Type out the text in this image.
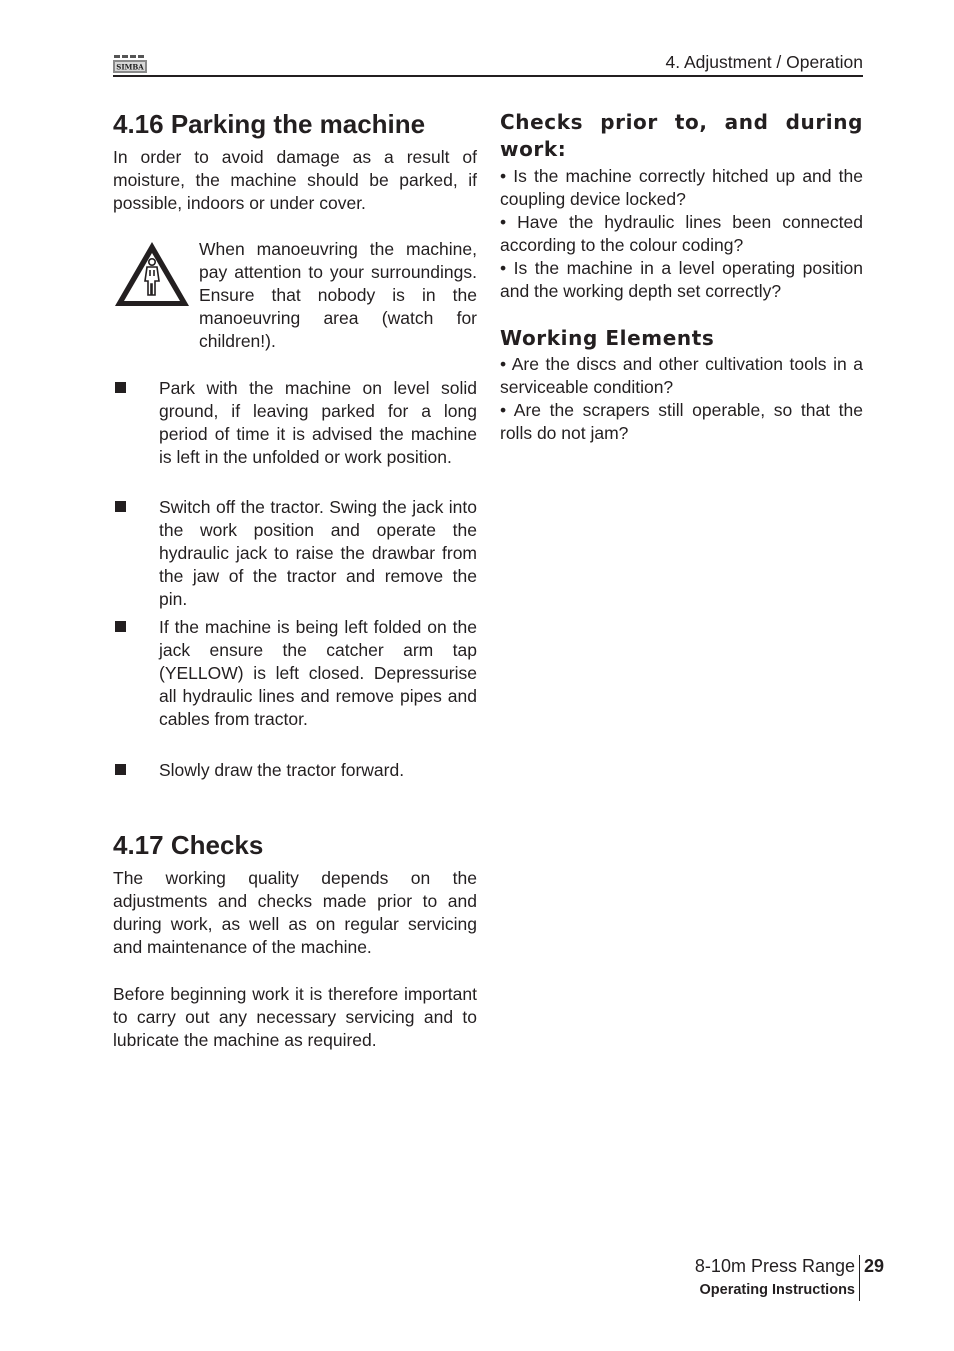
SIMBA	4. Adjustment / Operation
4.16 Parking the machine

In order to avoid damage as a result of moisture, the machine should be parked, if possible, indoors or under cover.

When manoeuvring the machine, pay attention to your surroundings. Ensure that nobody is in the manoeuvring area (watch for children!).

Park with the machine on level solid ground, if leaving parked for a long period of time it is advised the machine is left in the unfolded or work position.

Switch off the tractor. Swing the jack into the work position and operate the hydraulic jack to raise the drawbar from the jaw of the tractor and remove the pin.

If the machine is being left folded on the jack ensure the catcher arm tap (YELLOW) is left closed. Depressurise all hydraulic lines and remove pipes and cables from tractor.

Slowly draw the tractor forward.

4.17 Checks

The working quality depends on the adjustments and checks made prior to and during work, as well as on regular servicing and maintenance of the machine.

Before beginning work it is therefore important to carry out any necessary servicing and to lubricate the machine as required.

Checks prior to, and during work:

• Is the machine correctly hitched up and the coupling device locked?

• Have the hydraulic lines been connected according to the colour coding?

• Is the machine in a level operating position and the working depth set correctly?

Working Elements

• Are the discs and other cultivation tools in a serviceable condition?

• Are the scrapers still operable, so that the rolls do not jam?

8-10m Press Range
Operating Instructions
29
